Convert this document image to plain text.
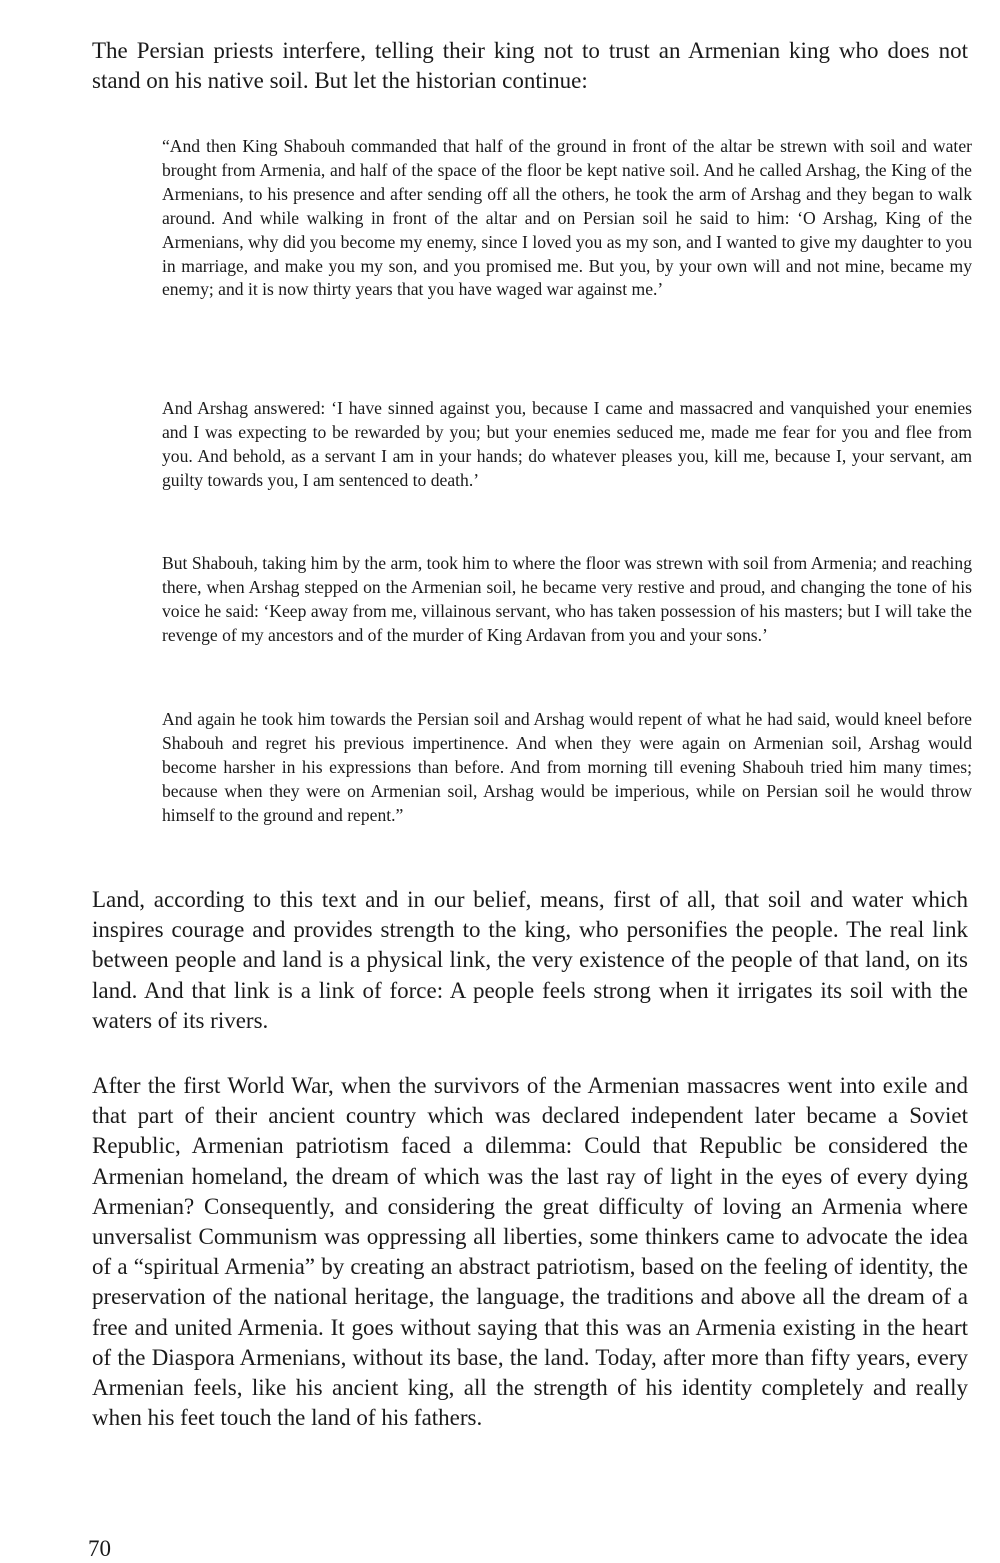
The Persian priests interfere, telling their king not to trust an Armenian king who does not stand on his native soil. But let the historian continue:

“And then King Shabouh commanded that half of the ground in front of the altar be strewn with soil and water brought from Armenia, and half of the space of the floor be kept native soil. And he called Arshag, the King of the Armenians, to his presence and after sending off all the others, he took the arm of Arshag and they began to walk around. And while walking in front of the altar and on Persian soil he said to him: ‘O Arshag, King of the Armenians, why did you become my enemy, since I loved you as my son, and I wanted to give my daughter to you in marriage, and make you my son, and you promised me. But you, by your own will and not mine, became my enemy; and it is now thirty years that you have waged war against me.’

And Arshag answered: ‘I have sinned against you, because I came and massacred and vanquished your enemies and I was expecting to be rewarded by you; but your enemies seduced me, made me fear for you and flee from you. And behold, as a servant I am in your hands; do whatever pleases you, kill me, because I, your servant, am guilty towards you, I am sentenced to death.’

But Shabouh, taking him by the arm, took him to where the floor was strewn with soil from Armenia; and reaching there, when Arshag stepped on the Armenian soil, he became very restive and proud, and changing the tone of his voice he said: ‘Keep away from me, villainous servant, who has taken possession of his masters; but I will take the revenge of my ancestors and of the murder of King Ardavan from you and your sons.’

And again he took him towards the Persian soil and Arshag would repent of what he had said, would kneel before Shabouh and regret his previous impertinence. And when they were again on Armenian soil, Arshag would become harsher in his expressions than before. And from morning till evening Shabouh tried him many times; because when they were on Armenian soil, Arshag would be imperious, while on Persian soil he would throw himself to the ground and repent.”

Land, according to this text and in our belief, means, first of all, that soil and water which inspires courage and provides strength to the king, who personifies the people. The real link between people and land is a physical link, the very existence of the people of that land, on its land. And that link is a link of force: A people feels strong when it irrigates its soil with the waters of its rivers.

After the first World War, when the survivors of the Armenian massacres went into exile and that part of their ancient country which was declared independent later became a Soviet Republic, Armenian patriotism faced a dilemma: Could that Republic be considered the Armenian homeland, the dream of which was the last ray of light in the eyes of every dying Armenian? Consequently, and considering the great difficulty of loving an Armenia where unversalist Communism was oppressing all liberties, some thinkers came to advocate the idea of a “spiritual Armenia” by creating an abstract patriotism, based on the feeling of identity, the preservation of the national heritage, the language, the traditions and above all the dream of a free and united Armenia. It goes without saying that this was an Armenia existing in the heart of the Diaspora Armenians, without its base, the land. Today, after more than fifty years, every Armenian feels, like his ancient king, all the strength of his identity completely and really when his feet touch the land of his fathers.

70
